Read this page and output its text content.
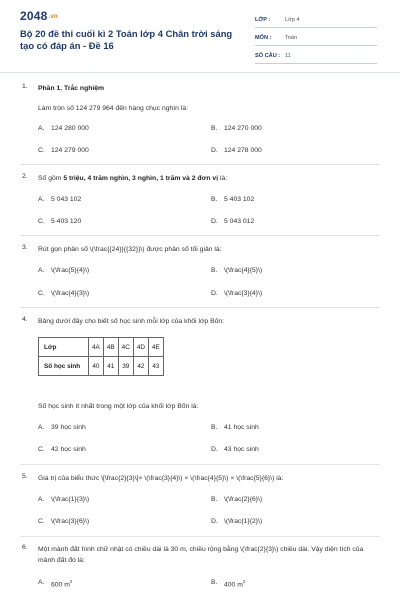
2048.vn
Bộ 20 đề thi cuối kì 2 Toán lớp 4 Chân trời sáng tạo có đáp án - Đề 16
LỚP :	Lớp 4
MÔN : Toán
SỐ CÂU : 11
1. Phần 1. Trắc nghiệm
Làm tròn số 124 279 964 đến hàng chục nghìn là:
A. 124 280 000	B. 124 270 000
C. 124 279 000	D. 124 278 000
2. Số gồm 5 triệu, 4 trăm nghìn, 3 nghìn, 1 trăm và 2 đơn vị là:
A. 5 043 102	B. 5 403 102
C. 5 403 120	D. 5 043 012
3. Rút gọn phân số \(\frac{{24}}{{32}}\) được phân số tối giản là:
A. \(\frac{5}{4}\)	B. \(\frac{4}{5}\)
C. \(\frac{4}{3}\)	D. \(\frac{3}{4}\)
4. Bảng dưới đây cho biết số học sinh mỗi lớp của khối lớp Bốn:
Lớp	4A	4B	4C	4D	4E
Số học sinh	40	41	39	42	43
Số học sinh ít nhất trong một lớp của khối lớp Bốn là:
A. 39 học sinh	B. 41 học sinh
C. 42 học sinh	D. 43 học sinh
5. Giá trị của biểu thức \[\frac{2}{3}\]× \(\frac{3}{4}\) × \(\frac{4}{5}\) × \(\frac{5}{6}\) là:
A. \(\frac{1}{3}\)	B. \(\frac{2}{6}\)
C. \(\frac{3}{6}\)	D. \(\frac{1}{2}\)
6. Một mảnh đất hình chữ nhật có chiều dài là 30 m, chiều rộng bằng \(\frac{2}{3}\) chiều dài. Vậy diện tích của mảnh đất đó là:
A. 600 $m^2$	B. 400 $m^2$
